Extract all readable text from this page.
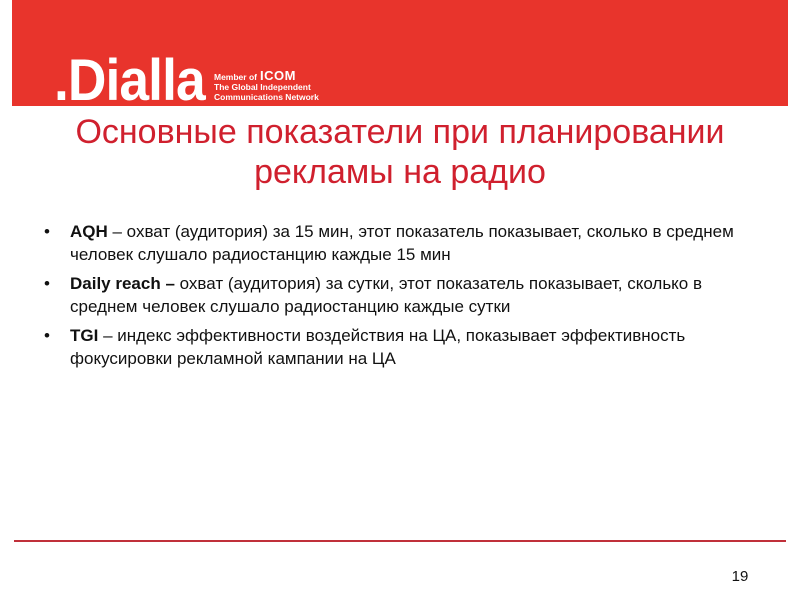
.Dialla Member of ICOM
The Global Independent
Communications Network
Основные показатели при планировании рекламы на радио
• AQH – охват (аудитория) за 15 мин, этот показатель показывает, сколько в среднем человек слушало радиостанцию каждые 15 мин
• Daily reach – охват (аудитория) за сутки, этот показатель показывает, сколько в среднем человек слушало радиостанцию каждые сутки
• TGI – индекс эффективности воздействия на ЦА, показывает эффективность фокусировки рекламной кампании на ЦА
19
